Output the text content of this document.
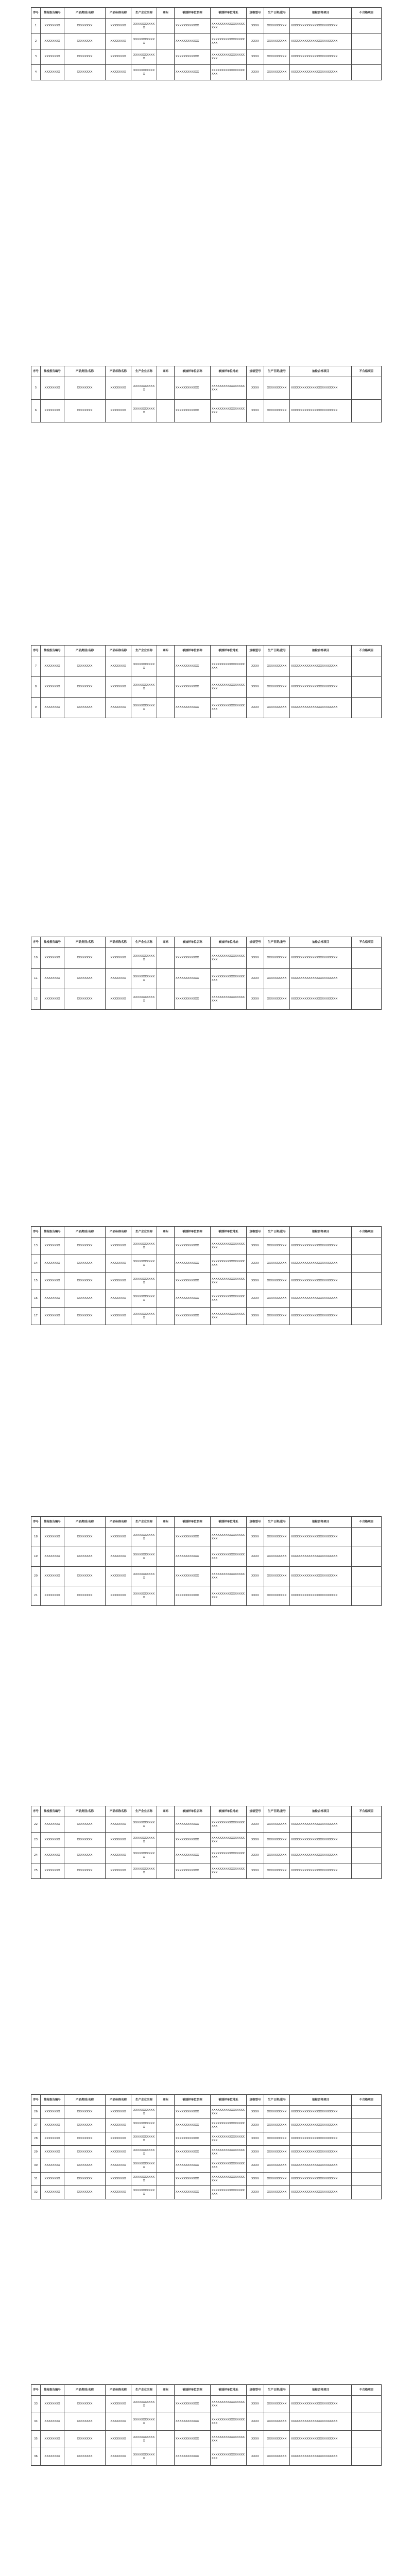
序号	抽检报告编号	产品类别/名称	产品标称名称	生产企业名称	商标	被抽样单位名称	被抽样单位地址	规格型号	生产日期/批号	抽检合格项目	不合格项目
1	XXXXXXXX	XXXXXXXX	XXXXXXXX	XXXXXXXXXXXX		XXXXXXXXXXXX	XXXXXXXXXXXXXXXXXXXX	XXXX	XXXXXXXXXX	XXXXXXXXXXXXXXXXXXXXXXXX	
2	XXXXXXXX	XXXXXXXX	XXXXXXXX	XXXXXXXXXXXX		XXXXXXXXXXXX	XXXXXXXXXXXXXXXXXXXX	XXXX	XXXXXXXXXX	XXXXXXXXXXXXXXXXXXXXXXXX	
3	XXXXXXXX	XXXXXXXX	XXXXXXXX	XXXXXXXXXXXX		XXXXXXXXXXXX	XXXXXXXXXXXXXXXXXXXX	XXXX	XXXXXXXXXX	XXXXXXXXXXXXXXXXXXXXXXXX	
4	XXXXXXXX	XXXXXXXX	XXXXXXXX	XXXXXXXXXXXX		XXXXXXXXXXXX	XXXXXXXXXXXXXXXXXXXX	XXXX	XXXXXXXXXX	XXXXXXXXXXXXXXXXXXXXXXXX	
序号	抽检报告编号	产品类别/名称	产品标称名称	生产企业名称	商标	被抽样单位名称	被抽样单位地址	规格型号	生产日期/批号	抽检合格项目	不合格项目
5	XXXXXXXX	XXXXXXXX	XXXXXXXX	XXXXXXXXXXXX		XXXXXXXXXXXX	XXXXXXXXXXXXXXXXXXXX	XXXX	XXXXXXXXXX	XXXXXXXXXXXXXXXXXXXXXXXX	
6	XXXXXXXX	XXXXXXXX	XXXXXXXX	XXXXXXXXXXXX		XXXXXXXXXXXX	XXXXXXXXXXXXXXXXXXXX	XXXX	XXXXXXXXXX	XXXXXXXXXXXXXXXXXXXXXXXX	
序号	抽检报告编号	产品类别/名称	产品标称名称	生产企业名称	商标	被抽样单位名称	被抽样单位地址	规格型号	生产日期/批号	抽检合格项目	不合格项目
7	XXXXXXXX	XXXXXXXX	XXXXXXXX	XXXXXXXXXXXX		XXXXXXXXXXXX	XXXXXXXXXXXXXXXXXXXX	XXXX	XXXXXXXXXX	XXXXXXXXXXXXXXXXXXXXXXXX	
8	XXXXXXXX	XXXXXXXX	XXXXXXXX	XXXXXXXXXXXX		XXXXXXXXXXXX	XXXXXXXXXXXXXXXXXXXX	XXXX	XXXXXXXXXX	XXXXXXXXXXXXXXXXXXXXXXXX	
9	XXXXXXXX	XXXXXXXX	XXXXXXXX	XXXXXXXXXXXX		XXXXXXXXXXXX	XXXXXXXXXXXXXXXXXXXX	XXXX	XXXXXXXXXX	XXXXXXXXXXXXXXXXXXXXXXXX	
序号	抽检报告编号	产品类别/名称	产品标称名称	生产企业名称	商标	被抽样单位名称	被抽样单位地址	规格型号	生产日期/批号	抽检合格项目	不合格项目
10	XXXXXXXX	XXXXXXXX	XXXXXXXX	XXXXXXXXXXXX		XXXXXXXXXXXX	XXXXXXXXXXXXXXXXXXXX	XXXX	XXXXXXXXXX	XXXXXXXXXXXXXXXXXXXXXXXX	
11	XXXXXXXX	XXXXXXXX	XXXXXXXX	XXXXXXXXXXXX		XXXXXXXXXXXX	XXXXXXXXXXXXXXXXXXXX	XXXX	XXXXXXXXXX	XXXXXXXXXXXXXXXXXXXXXXXX	
12	XXXXXXXX	XXXXXXXX	XXXXXXXX	XXXXXXXXXXXX		XXXXXXXXXXXX	XXXXXXXXXXXXXXXXXXXX	XXXX	XXXXXXXXXX	XXXXXXXXXXXXXXXXXXXXXXXX	
序号	抽检报告编号	产品类别/名称	产品标称名称	生产企业名称	商标	被抽样单位名称	被抽样单位地址	规格型号	生产日期/批号	抽检合格项目	不合格项目
13	XXXXXXXX	XXXXXXXX	XXXXXXXX	XXXXXXXXXXXX		XXXXXXXXXXXX	XXXXXXXXXXXXXXXXXXXX	XXXX	XXXXXXXXXX	XXXXXXXXXXXXXXXXXXXXXXXX	
14	XXXXXXXX	XXXXXXXX	XXXXXXXX	XXXXXXXXXXXX		XXXXXXXXXXXX	XXXXXXXXXXXXXXXXXXXX	XXXX	XXXXXXXXXX	XXXXXXXXXXXXXXXXXXXXXXXX	
15	XXXXXXXX	XXXXXXXX	XXXXXXXX	XXXXXXXXXXXX		XXXXXXXXXXXX	XXXXXXXXXXXXXXXXXXXX	XXXX	XXXXXXXXXX	XXXXXXXXXXXXXXXXXXXXXXXX	
16	XXXXXXXX	XXXXXXXX	XXXXXXXX	XXXXXXXXXXXX		XXXXXXXXXXXX	XXXXXXXXXXXXXXXXXXXX	XXXX	XXXXXXXXXX	XXXXXXXXXXXXXXXXXXXXXXXX	
17	XXXXXXXX	XXXXXXXX	XXXXXXXX	XXXXXXXXXXXX		XXXXXXXXXXXX	XXXXXXXXXXXXXXXXXXXX	XXXX	XXXXXXXXXX	XXXXXXXXXXXXXXXXXXXXXXXX	
序号	抽检报告编号	产品类别/名称	产品标称名称	生产企业名称	商标	被抽样单位名称	被抽样单位地址	规格型号	生产日期/批号	抽检合格项目	不合格项目
18	XXXXXXXX	XXXXXXXX	XXXXXXXX	XXXXXXXXXXXX		XXXXXXXXXXXX	XXXXXXXXXXXXXXXXXXXX	XXXX	XXXXXXXXXX	XXXXXXXXXXXXXXXXXXXXXXXX	
19	XXXXXXXX	XXXXXXXX	XXXXXXXX	XXXXXXXXXXXX		XXXXXXXXXXXX	XXXXXXXXXXXXXXXXXXXX	XXXX	XXXXXXXXXX	XXXXXXXXXXXXXXXXXXXXXXXX	
20	XXXXXXXX	XXXXXXXX	XXXXXXXX	XXXXXXXXXXXX		XXXXXXXXXXXX	XXXXXXXXXXXXXXXXXXXX	XXXX	XXXXXXXXXX	XXXXXXXXXXXXXXXXXXXXXXXX	
21	XXXXXXXX	XXXXXXXX	XXXXXXXX	XXXXXXXXXXXX		XXXXXXXXXXXX	XXXXXXXXXXXXXXXXXXXX	XXXX	XXXXXXXXXX	XXXXXXXXXXXXXXXXXXXXXXXX	
序号	抽检报告编号	产品类别/名称	产品标称名称	生产企业名称	商标	被抽样单位名称	被抽样单位地址	规格型号	生产日期/批号	抽检合格项目	不合格项目
22	XXXXXXXX	XXXXXXXX	XXXXXXXX	XXXXXXXXXXXX		XXXXXXXXXXXX	XXXXXXXXXXXXXXXXXXXX	XXXX	XXXXXXXXXX	XXXXXXXXXXXXXXXXXXXXXXXX	
23	XXXXXXXX	XXXXXXXX	XXXXXXXX	XXXXXXXXXXXX		XXXXXXXXXXXX	XXXXXXXXXXXXXXXXXXXX	XXXX	XXXXXXXXXX	XXXXXXXXXXXXXXXXXXXXXXXX	
24	XXXXXXXX	XXXXXXXX	XXXXXXXX	XXXXXXXXXXXX		XXXXXXXXXXXX	XXXXXXXXXXXXXXXXXXXX	XXXX	XXXXXXXXXX	XXXXXXXXXXXXXXXXXXXXXXXX	
25	XXXXXXXX	XXXXXXXX	XXXXXXXX	XXXXXXXXXXXX		XXXXXXXXXXXX	XXXXXXXXXXXXXXXXXXXX	XXXX	XXXXXXXXXX	XXXXXXXXXXXXXXXXXXXXXXXX	
序号	抽检报告编号	产品类别/名称	产品标称名称	生产企业名称	商标	被抽样单位名称	被抽样单位地址	规格型号	生产日期/批号	抽检合格项目	不合格项目
26	XXXXXXXX	XXXXXXXX	XXXXXXXX	XXXXXXXXXXXX		XXXXXXXXXXXX	XXXXXXXXXXXXXXXXXXXX	XXXX	XXXXXXXXXX	XXXXXXXXXXXXXXXXXXXXXXXX	
27	XXXXXXXX	XXXXXXXX	XXXXXXXX	XXXXXXXXXXXX		XXXXXXXXXXXX	XXXXXXXXXXXXXXXXXXXX	XXXX	XXXXXXXXXX	XXXXXXXXXXXXXXXXXXXXXXXX	
28	XXXXXXXX	XXXXXXXX	XXXXXXXX	XXXXXXXXXXXX		XXXXXXXXXXXX	XXXXXXXXXXXXXXXXXXXX	XXXX	XXXXXXXXXX	XXXXXXXXXXXXXXXXXXXXXXXX	
29	XXXXXXXX	XXXXXXXX	XXXXXXXX	XXXXXXXXXXXX		XXXXXXXXXXXX	XXXXXXXXXXXXXXXXXXXX	XXXX	XXXXXXXXXX	XXXXXXXXXXXXXXXXXXXXXXXX	
30	XXXXXXXX	XXXXXXXX	XXXXXXXX	XXXXXXXXXXXX		XXXXXXXXXXXX	XXXXXXXXXXXXXXXXXXXX	XXXX	XXXXXXXXXX	XXXXXXXXXXXXXXXXXXXXXXXX	
31	XXXXXXXX	XXXXXXXX	XXXXXXXX	XXXXXXXXXXXX		XXXXXXXXXXXX	XXXXXXXXXXXXXXXXXXXX	XXXX	XXXXXXXXXX	XXXXXXXXXXXXXXXXXXXXXXXX	
32	XXXXXXXX	XXXXXXXX	XXXXXXXX	XXXXXXXXXXXX		XXXXXXXXXXXX	XXXXXXXXXXXXXXXXXXXX	XXXX	XXXXXXXXXX	XXXXXXXXXXXXXXXXXXXXXXXX	
序号	抽检报告编号	产品类别/名称	产品标称名称	生产企业名称	商标	被抽样单位名称	被抽样单位地址	规格型号	生产日期/批号	抽检合格项目	不合格项目
33	XXXXXXXX	XXXXXXXX	XXXXXXXX	XXXXXXXXXXXX		XXXXXXXXXXXX	XXXXXXXXXXXXXXXXXXXX	XXXX	XXXXXXXXXX	XXXXXXXXXXXXXXXXXXXXXXXX	
34	XXXXXXXX	XXXXXXXX	XXXXXXXX	XXXXXXXXXXXX		XXXXXXXXXXXX	XXXXXXXXXXXXXXXXXXXX	XXXX	XXXXXXXXXX	XXXXXXXXXXXXXXXXXXXXXXXX	
35	XXXXXXXX	XXXXXXXX	XXXXXXXX	XXXXXXXXXXXX		XXXXXXXXXXXX	XXXXXXXXXXXXXXXXXXXX	XXXX	XXXXXXXXXX	XXXXXXXXXXXXXXXXXXXXXXXX	
36	XXXXXXXX	XXXXXXXX	XXXXXXXX	XXXXXXXXXXXX		XXXXXXXXXXXX	XXXXXXXXXXXXXXXXXXXX	XXXX	XXXXXXXXXX	XXXXXXXXXXXXXXXXXXXXXXXX	
